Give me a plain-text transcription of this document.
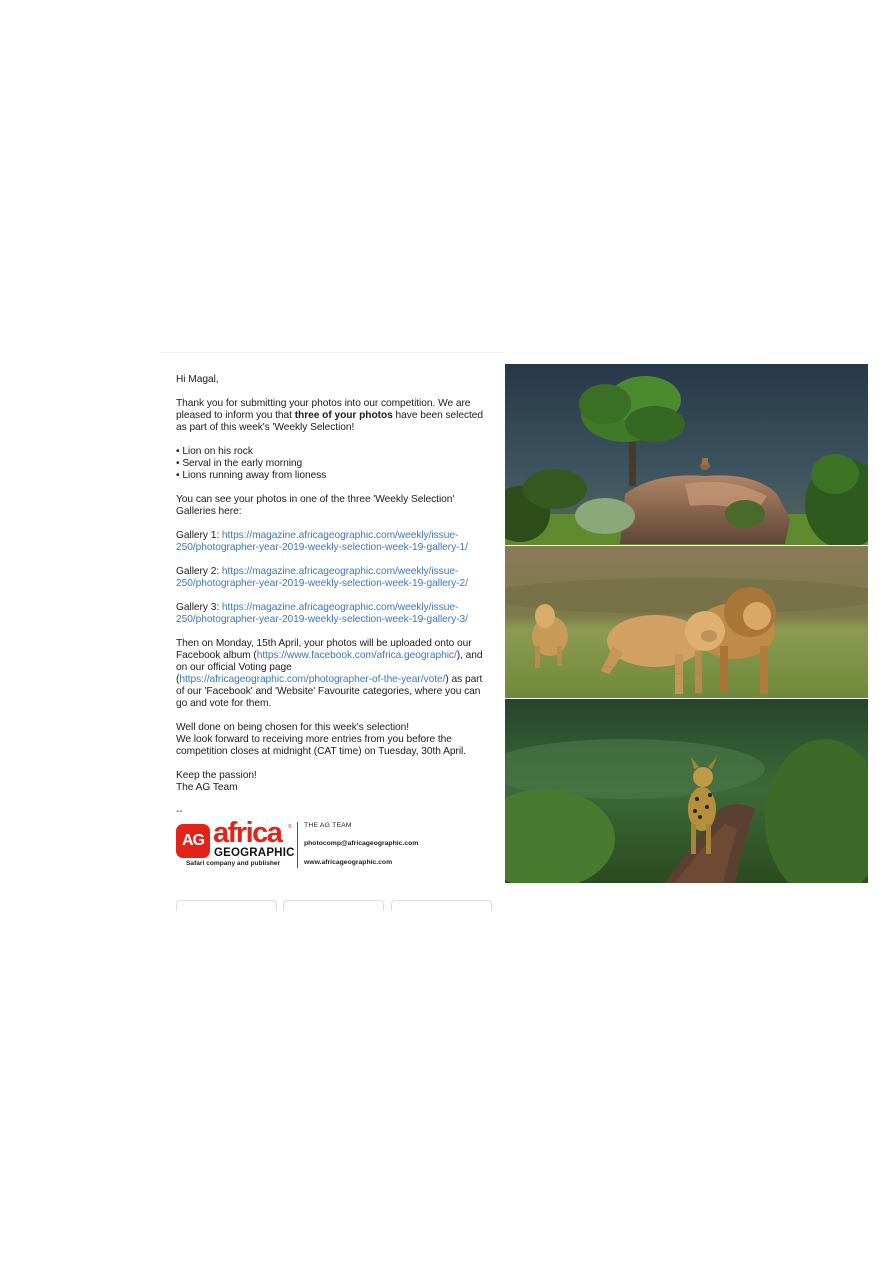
Hi Magal,

Thank you for submitting your photos into our competition. We are pleased to inform you that three of your photos have been selected as part of this week's 'Weekly Selection!

• Lion on his rock
• Serval in the early morning
• Lions running away from lioness

You can see your photos in one of the three 'Weekly Selection' Galleries here:

Gallery 1: https://magazine.africageographic.com/weekly/issue-250/photographer-year-2019-weekly-selection-week-19-gallery-1/

Gallery 2: https://magazine.africageographic.com/weekly/issue-250/photographer-year-2019-weekly-selection-week-19-gallery-2/

Gallery 3: https://magazine.africageographic.com/weekly/issue-250/photographer-year-2019-weekly-selection-week-19-gallery-3/

Then on Monday, 15th April, your photos will be uploaded onto our Facebook album (https://www.facebook.com/africa.geographic/), and on our official Voting page (https://africageographic.com/photographer-of-the-year/vote/) as part of our 'Facebook' and 'Website' Favourite categories, where you can go and vote for them.

Well done on being chosen for this week's selection!
We look forward to receiving more entries from you before the competition closes at midnight (CAT time) on Tuesday, 30th April.

Keep the passion!
The AG Team

--
AG africa ®
GEOGRAPHIC
Safari company and publisher
THE AG TEAM
photocomp@africageographic.com
www.africageographic.com
